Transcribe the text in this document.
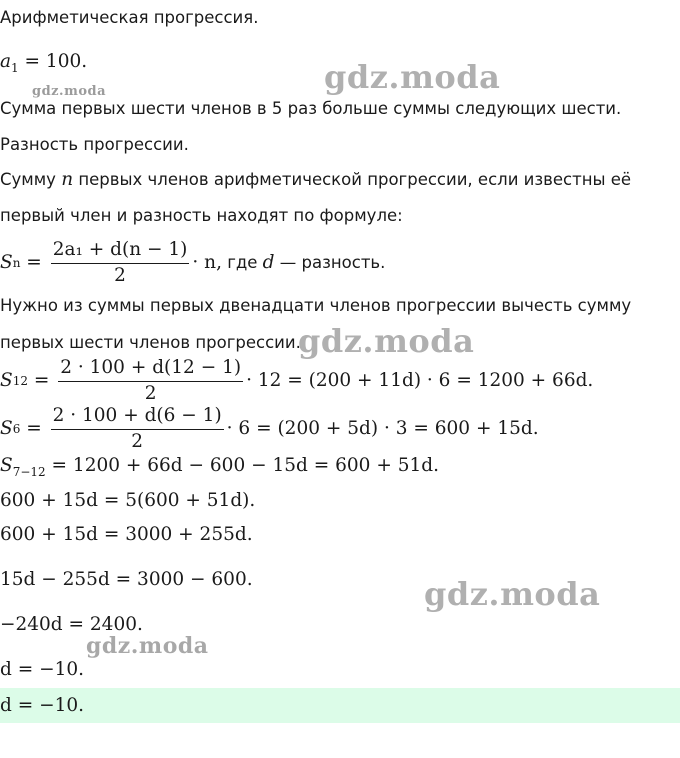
Арифметическая прогрессия.
$a_1 = 100$.
Сумма первых шести членов в 5 раз больше суммы следующих шести.
Разность прогрессии.
Сумму n первых членов арифметической прогрессии, если известны её
первый член и разность находят по формуле:
S $n = \frac{\text{2a₁ + d(n − 1)}}{2} \cdot n$, где d — разность.
Нужно из суммы первых двенадцати членов прогрессии вычесть сумму
первых шести членов прогрессии.
S $12 = \frac{2 \cdot 100 + d(12 - 1)}{2} \cdot 12 = (200 + 11d) \cdot 6 = 1200 + 66d$.
S $6 = \frac{2 \cdot 100 + d(6 - 1)}{2} \cdot 6 = (200 + 5d) \cdot 3 = 600 + 15d$.
$S_{7-12} = 1200 + 66d - 600 - 15d = 600 + 51d$.
600 + 15d = 5(600 + 51d).
600 + 15d = 3000 + 255d.
15d − 255d = 3000 − 600.
−240d = 2400.
d = −10.
d = −10.
gdz.moda	gdz.moda
gdz.moda
gdz.moda
gdz.moda
